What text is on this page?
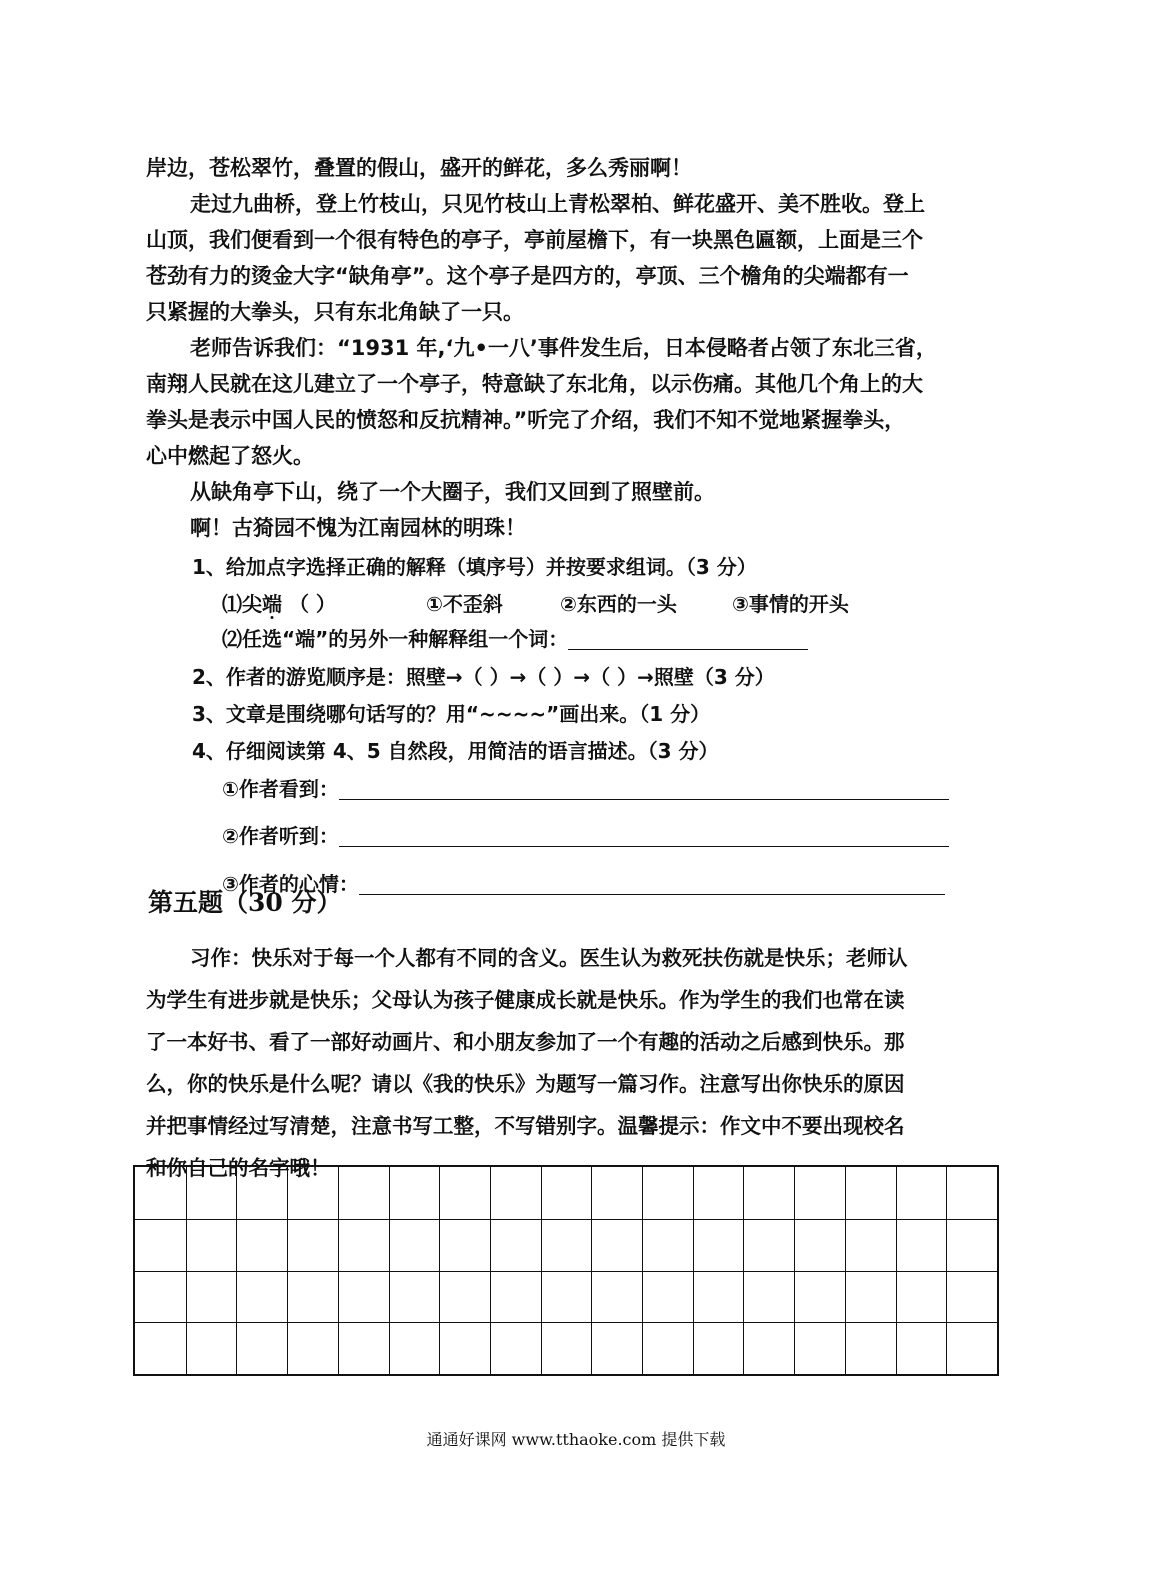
岸边，苍松翠竹，叠置的假山，盛开的鲜花，多么秀丽啊！
走过九曲桥，登上竹枝山，只见竹枝山上青松翠柏、鲜花盛开、美不胜收。登上
山顶，我们便看到一个很有特色的亭子，亭前屋檐下，有一块黑色匾额，上面是三个
苍劲有力的烫金大字“缺角亭”。这个亭子是四方的，亭顶、三个檐角的尖端都有一
只紧握的大拳头，只有东北角缺了一只。
老师告诉我们：“1931 年,‘九•一八’事件发生后，日本侵略者占领了东北三省，
南翔人民就在这儿建立了一个亭子，特意缺了东北角，以示伤痛。其他几个角上的大
拳头是表示中国人民的愤怒和反抗精神。”听完了介绍，我们不知不觉地紧握拳头，
心中燃起了怒火。
从缺角亭下山，绕了一个大圈子，我们又回到了照壁前。
啊！古猗园不愧为江南园林的明珠！
1、给加点字选择正确的解释（填序号）并按要求组词。（3 分）
⑴尖端 （ ）	①不歪斜	②东西的一头	③事情的开头
⑵任选“端”的另外一种解释组一个词：
2、作者的游览顺序是：照壁→（ ）→（ ）→（ ）→照壁（3 分）
3、文章是围绕哪句话写的？用“~~~~”画出来。（1 分）
4、仔细阅读第 4、5 自然段，用简洁的语言描述。（3 分）
①作者看到：
②作者听到：
③作者的心情：
第五题（30 分）
习作：快乐对于每一个人都有不同的含义。医生认为救死扶伤就是快乐；老师认
为学生有进步就是快乐；父母认为孩子健康成长就是快乐。作为学生的我们也常在读
了一本好书、看了一部好动画片、和小朋友参加了一个有趣的活动之后感到快乐。那
么，你的快乐是什么呢？请以《我的快乐》为题写一篇习作。注意写出你快乐的原因
并把事情经过写清楚，注意书写工整，不写错别字。温馨提示：作文中不要出现校名
和你自己的名字哦！
通通好课网 www.tthaoke.com 提供下载
